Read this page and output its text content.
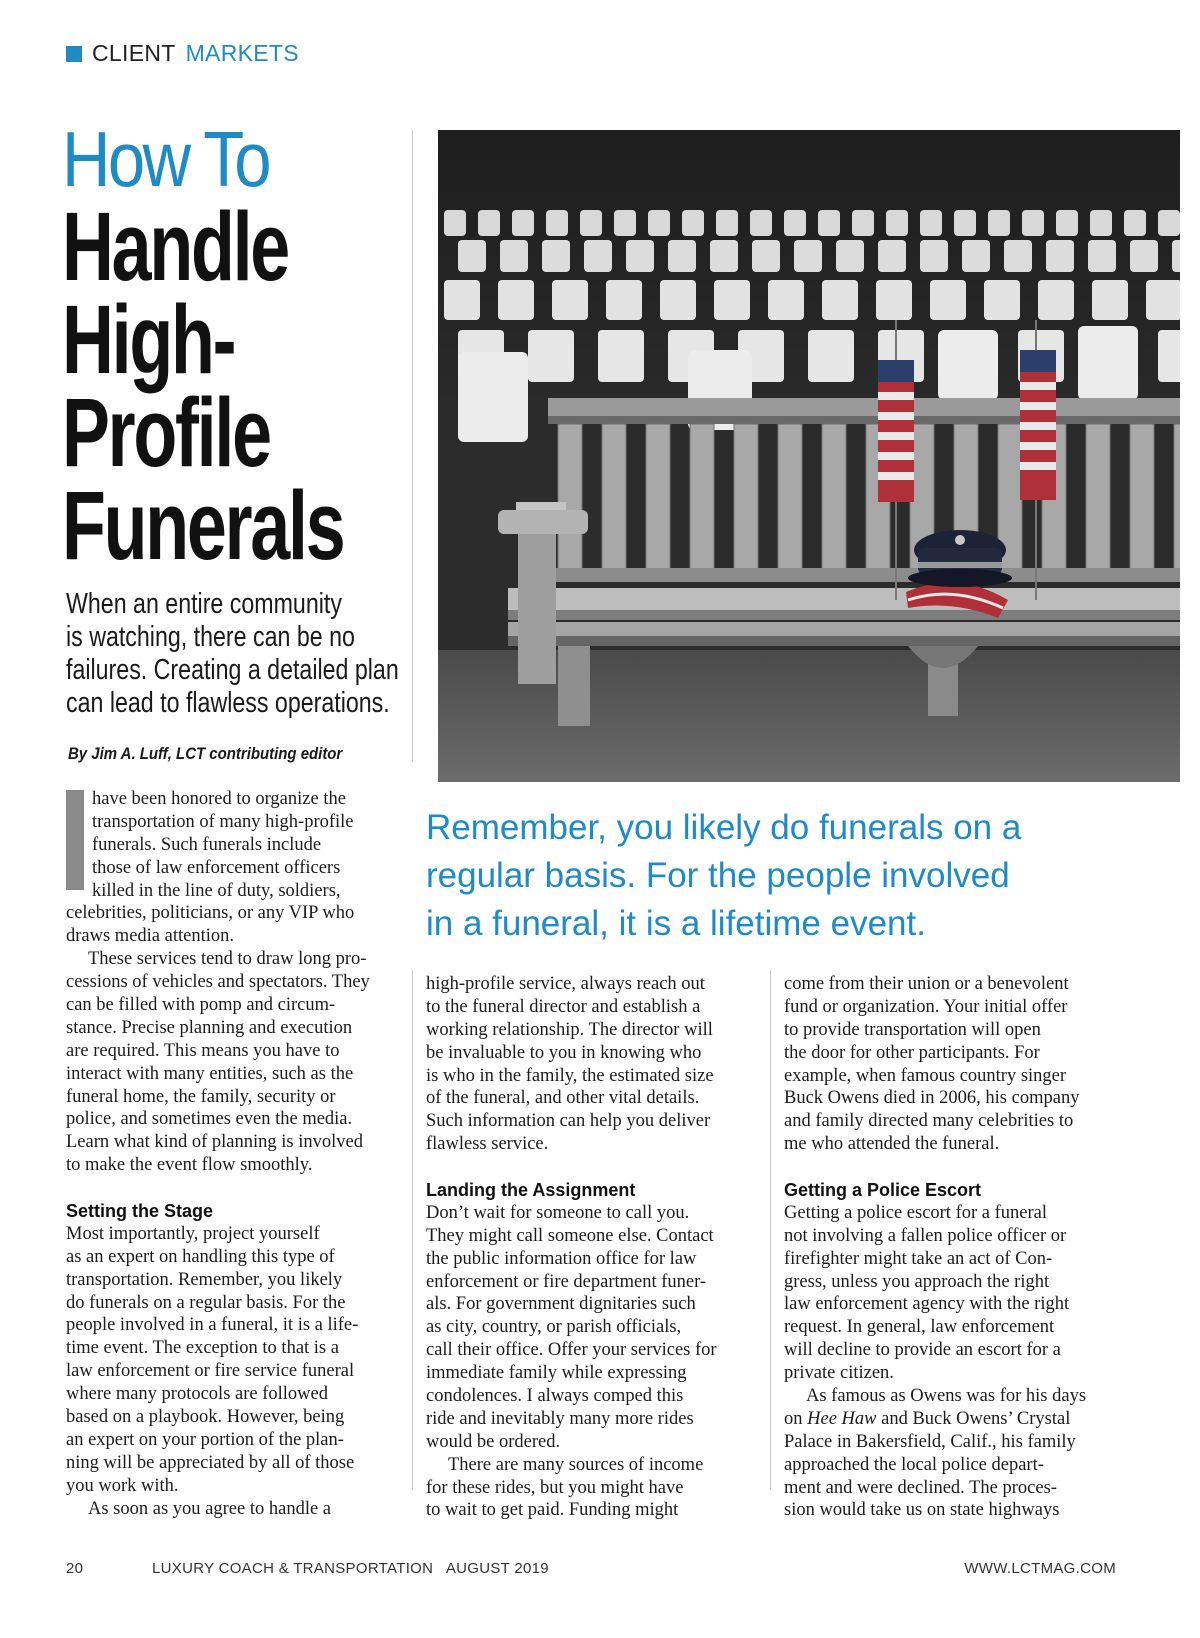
CLIENT MARKETS
How To
Handle
High-
Profile
Funerals
When an entire community
is watching, there can be no
failures. Creating a detailed plan
can lead to flawless operations.
By Jim A. Luff, LCT contributing editor
Remember, you likely do funerals on a
regular basis. For the people involved
in a funeral, it is a lifetime event.
have been honored to organize the
transportation of many high-profile
funerals. Such funerals include
those of law enforcement officers
killed in the line of duty, soldiers,
celebrities, politicians, or any VIP who
draws media attention.
These services tend to draw long pro-
cessions of vehicles and spectators. They
can be filled with pomp and circum-
stance. Precise planning and execution
are required. This means you have to
interact with many entities, such as the
funeral home, the family, security or
police, and sometimes even the media.
Learn what kind of planning is involved
to make the event flow smoothly.
Setting the Stage
Most importantly, project yourself
as an expert on handling this type of
transportation. Remember, you likely
do funerals on a regular basis. For the
people involved in a funeral, it is a life-
time event. The exception to that is a
law enforcement or fire service funeral
where many protocols are followed
based on a playbook. However, being
an expert on your portion of the plan-
ning will be appreciated by all of those
you work with.
As soon as you agree to handle a
high-profile service, always reach out
to the funeral director and establish a
working relationship. The director will
be invaluable to you in knowing who
is who in the family, the estimated size
of the funeral, and other vital details.
Such information can help you deliver
flawless service.
Landing the Assignment
Don’t wait for someone to call you.
They might call someone else. Contact
the public information office for law
enforcement or fire department funer-
als. For government dignitaries such
as city, country, or parish officials,
call their office. Offer your services for
immediate family while expressing
condolences. I always comped this
ride and inevitably many more rides
would be ordered.
There are many sources of income
for these rides, but you might have
to wait to get paid. Funding might
come from their union or a benevolent
fund or organization. Your initial offer
to provide transportation will open
the door for other participants. For
example, when famous country singer
Buck Owens died in 2006, his company
and family directed many celebrities to
me who attended the funeral.
Getting a Police Escort
Getting a police escort for a funeral
not involving a fallen police officer or
firefighter might take an act of Con-
gress, unless you approach the right
law enforcement agency with the right
request. In general, law enforcement
will decline to provide an escort for a
private citizen.
As famous as Owens was for his days
on Hee Haw and Buck Owens’ Crystal
Palace in Bakersfield, Calif., his family
approached the local police depart-
ment and were declined. The proces-
sion would take us on state highways
20	LUXURY COACH & TRANSPORTATION   AUGUST 2019	WWW.LCTMAG.COM
